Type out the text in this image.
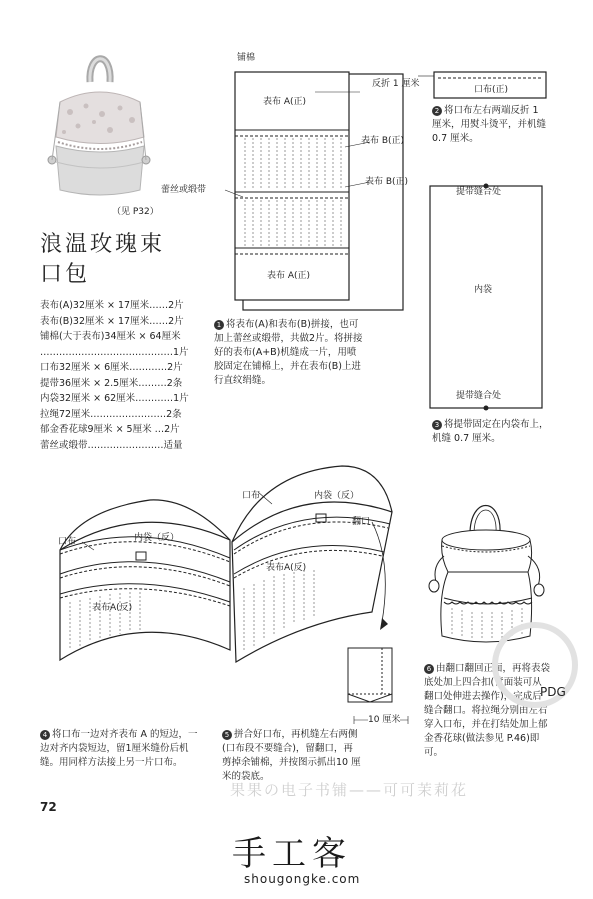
（见 P32）
浪温玫瑰束
口包
表布(A)32厘米 × 17厘米……2片
表布(B)32厘米 × 17厘米……2片
铺棉(大于表布)34厘米 × 64厘米
……………………………………1片
口布32厘米 × 6厘米…………2片
提带36厘米 × 2.5厘米………2条
内袋32厘米 × 62厘米…………1片
拉绳72厘米……………………2条
郁金香花球9厘米 × 5厘米 …2片
蕾丝或缎带……………………适量
铺棉
表布 A(正)
表布 B(正)
表布 B(正)
蕾丝或缎带
表布 A(正)
1 将表布(A)和表布(B)拼接，也可加上蕾丝或缎带，共做2片。将拼接好的表布(A+B)机缝成一片，用喷胶固定在铺棉上，并在表布(B)上进行直纹绢缝。
反折 1 厘米
口布(正)
2 将口布左右两端反折 1 厘米，用熨斗烫平，并机缝 0.7 厘米。
提带缝合处
内袋
提带缝合处
3 将提带固定在内袋布上，机缝 0.7 厘米。
口布	内袋（反）
表布A(反)
4 将口布一边对齐表布 A 的短边，一边对齐内袋短边，留1厘米缝份后机缝。用同样方法接上另一片口布。
口布	内袋（反）
翻口
表布A(反)
10 厘米
5 拼合好口布，再机缝左右两侧(口布段不要缝合)，留翻口，再剪掉余铺棉，并按图示抓出10 厘米的袋底。
6 由翻口翻回正面，再将表袋底处加上四合扣(背面装可从翻口处伸进去操作)，完成后缝合翻口。将拉绳分别由左右穿入口布，并在打结处加上郁金香花球(做法参见 P.46)即可。
PDG
果果の电子书铺——可可茉莉花
72
手工客
shougongke.com
